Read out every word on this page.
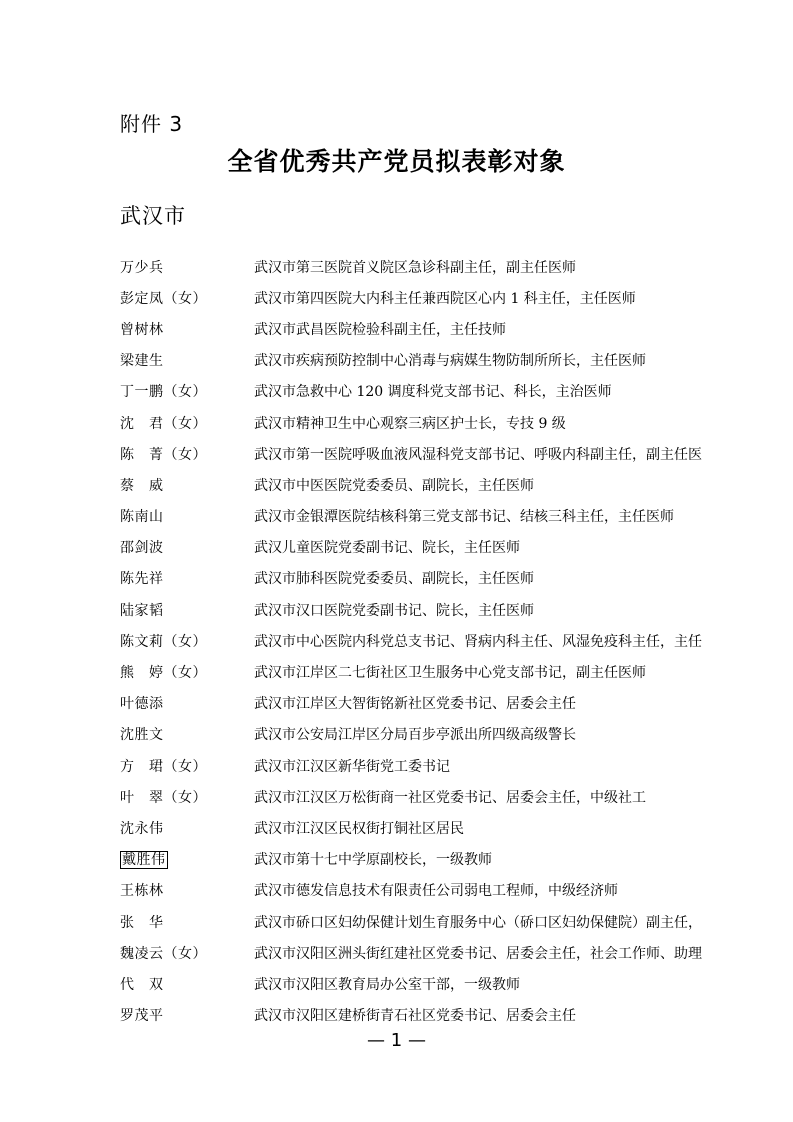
附件 3
全省优秀共产党员拟表彰对象
武汉市
万少兵	武汉市第三医院首义院区急诊科副主任，副主任医师
彭定凤（女）	武汉市第四医院大内科主任兼西院区心内 1 科主任，主任医师
曾树林	武汉市武昌医院检验科副主任，主任技师
梁建生	武汉市疾病预防控制中心消毒与病媒生物防制所所长，主任医师
丁一鹏（女）	武汉市急救中心 120 调度科党支部书记、科长，主治医师
沈　君（女）	武汉市精神卫生中心观察三病区护士长，专技 9 级
陈　菁（女）	武汉市第一医院呼吸血液风湿科党支部书记、呼吸内科副主任，副主任医
蔡　威	武汉市中医医院党委委员、副院长，主任医师
陈南山	武汉市金银潭医院结核科第三党支部书记、结核三科主任，主任医师
邵剑波	武汉儿童医院党委副书记、院长，主任医师
陈先祥	武汉市肺科医院党委委员、副院长，主任医师
陆家韬	武汉市汉口医院党委副书记、院长，主任医师
陈文莉（女）	武汉市中心医院内科党总支书记、肾病内科主任、风湿免疫科主任，主任
熊　婷（女）	武汉市江岸区二七街社区卫生服务中心党支部书记，副主任医师
叶德添	武汉市江岸区大智街铭新社区党委书记、居委会主任
沈胜文	武汉市公安局江岸区分局百步亭派出所四级高级警长
方　珺（女）	武汉市江汉区新华街党工委书记
叶　翠（女）	武汉市江汉区万松街商一社区党委书记、居委会主任，中级社工
沈永伟	武汉市江汉区民权街打铜社区居民
戴胜伟	武汉市第十七中学原副校长，一级教师
王栋林	武汉市德发信息技术有限责任公司弱电工程师，中级经济师
张　华	武汉市硚口区妇幼保健计划生育服务中心（硚口区妇幼保健院）副主任，
魏凌云（女）	武汉市汉阳区洲头街红建社区党委书记、居委会主任，社会工作师、助理
代　双	武汉市汉阳区教育局办公室干部，一级教师
罗茂平	武汉市汉阳区建桥街青石社区党委书记、居委会主任
— 1 —
